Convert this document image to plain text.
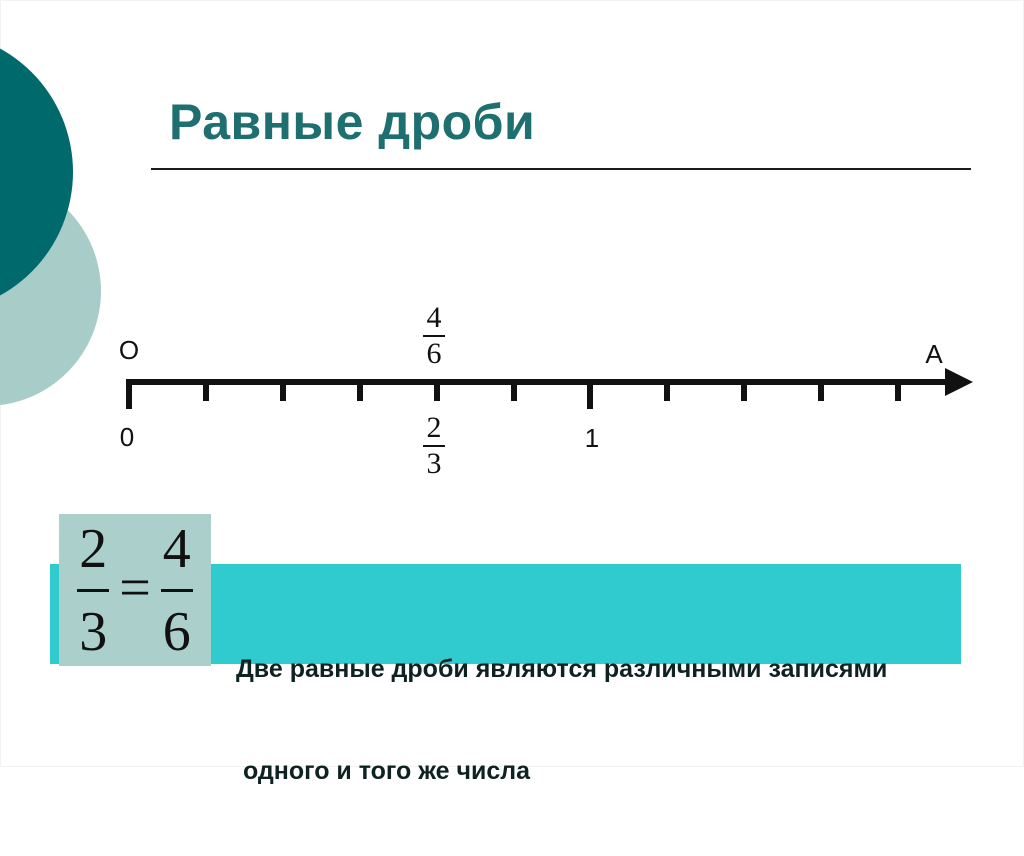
Равные дроби
O	A
0	1
4
6
2
3

Две равные дроби являются различными записями

одного и того же числа

$\frac{2}{3} = \frac{4}{6}$
